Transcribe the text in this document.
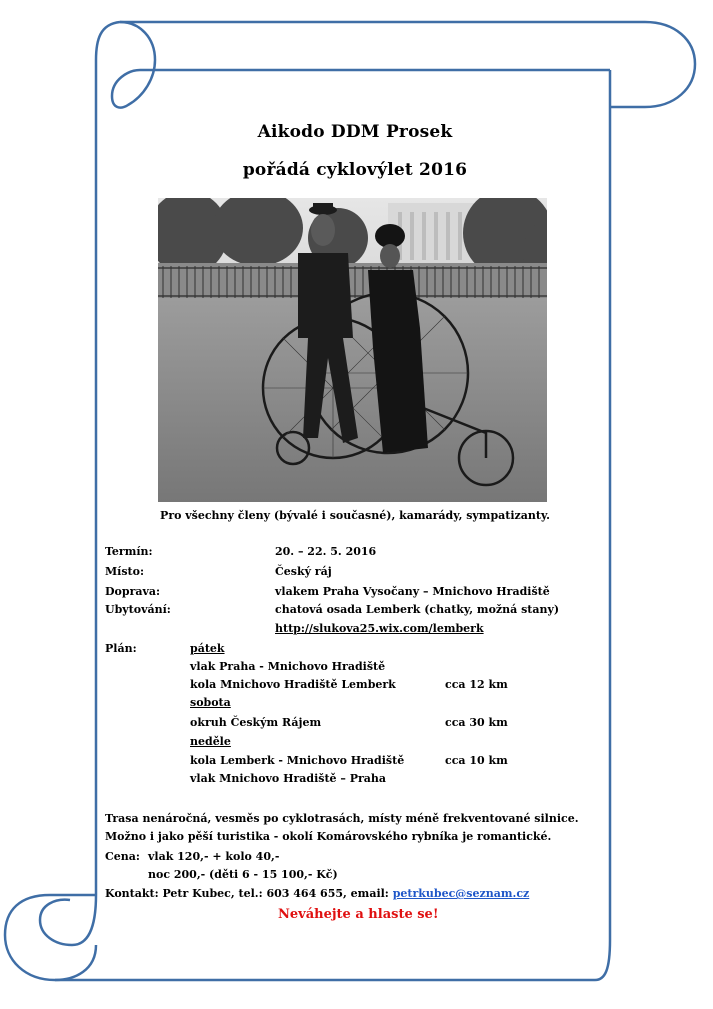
Aikodo DDM Prosek
pořádá cyklovýlet 2016
Pro všechny členy (bývalé i současné), kamarády, sympatizanty.
Termín:	20. – 22. 5. 2016
Místo:	Český ráj
Doprava:	vlakem Praha Vysočany – Mnichovo Hradiště
Ubytování:	chatová osada Lemberk (chatky, možná stany)
http://slukova25.wix.com/lemberk
Plán:	pátek
vlak Praha - Mnichovo Hradiště
kola Mnichovo Hradiště Lemberk	cca 12 km
sobota
okruh Českým Rájem	cca 30 km
neděle
kola Lemberk - Mnichovo Hradiště	cca 10 km
vlak Mnichovo Hradiště – Praha
Trasa nenáročná, vesměs po cyklotrasách, místy méně frekventované silnice.
Možno i jako pěší turistika - okolí Komárovského rybníka je romantické.
Cena: vlak 120,- + kolo 40,-
noc 200,- (děti 6 - 15 100,- Kč)
Kontakt: Petr Kubec, tel.: 603 464 655, email: petrkubec@seznam.cz
Neváhejte a hlaste se!
